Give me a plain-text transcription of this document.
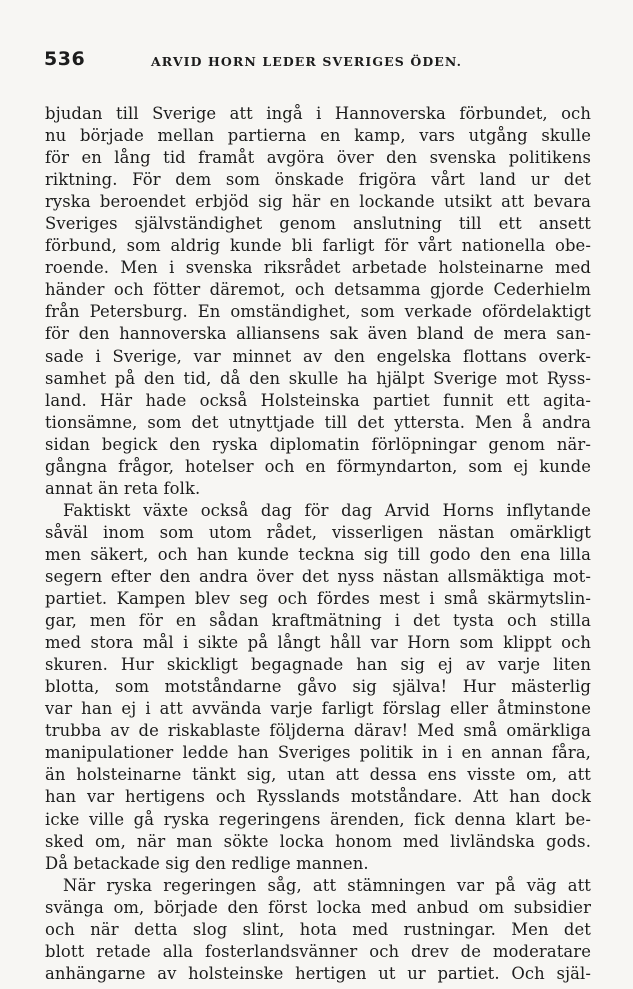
536	ARVID HORN LEDER SVERIGES ÖDEN.
bjudan till Sverige att ingå i Hannoverska förbundet, och
nu började mellan partierna en kamp, vars utgång skulle
för en lång tid framåt avgöra över den svenska politikens
riktning. För dem som önskade frigöra vårt land ur det
ryska beroendet erbjöd sig här en lockande utsikt att bevara
Sveriges självständighet genom anslutning till ett ansett
förbund, som aldrig kunde bli farligt för vårt nationella obe-
roende. Men i svenska riksrådet arbetade holsteinarne med
händer och fötter däremot, och detsamma gjorde Cederhielm
från Petersburg. En omständighet, som verkade ofördelaktigt
för den hannoverska alliansens sak även bland de mera san-
sade i Sverige, var minnet av den engelska flottans overk-
samhet på den tid, då den skulle ha hjälpt Sverige mot Ryss-
land. Här hade också Holsteinska partiet funnit ett agita-
tionsämne, som det utnyttjade till det yttersta. Men å andra
sidan begick den ryska diplomatin förlöpningar genom när-
gångna frågor, hotelser och en förmyndarton, som ej kunde
annat än reta folk.
Faktiskt växte också dag för dag Arvid Horns inflytande
såväl inom som utom rådet, visserligen nästan omärkligt
men säkert, och han kunde teckna sig till godo den ena lilla
segern efter den andra över det nyss nästan allsmäktiga mot-
partiet. Kampen blev seg och fördes mest i små skärmytslin-
gar, men för en sådan kraftmätning i det tysta och stilla
med stora mål i sikte på långt håll var Horn som klippt och
skuren. Hur skickligt begagnade han sig ej av varje liten
blotta, som motståndarne gåvo sig själva! Hur mästerlig
var han ej i att avvända varje farligt förslag eller åtminstone
trubba av de riskablaste följderna därav! Med små omärkliga
manipulationer ledde han Sveriges politik in i en annan fåra,
än holsteinarne tänkt sig, utan att dessa ens visste om, att
han var hertigens och Rysslands motståndare. Att han dock
icke ville gå ryska regeringens ärenden, fick denna klart be-
sked om, när man sökte locka honom med livländska gods.
Då betackade sig den redlige mannen.
När ryska regeringen såg, att stämningen var på väg att
svänga om, började den först locka med anbud om subsidier
och när detta slog slint, hota med rustningar. Men det
blott retade alla fosterlandsvänner och drev de moderatare
anhängarne av holsteinske hertigen ut ur partiet. Och själ-
